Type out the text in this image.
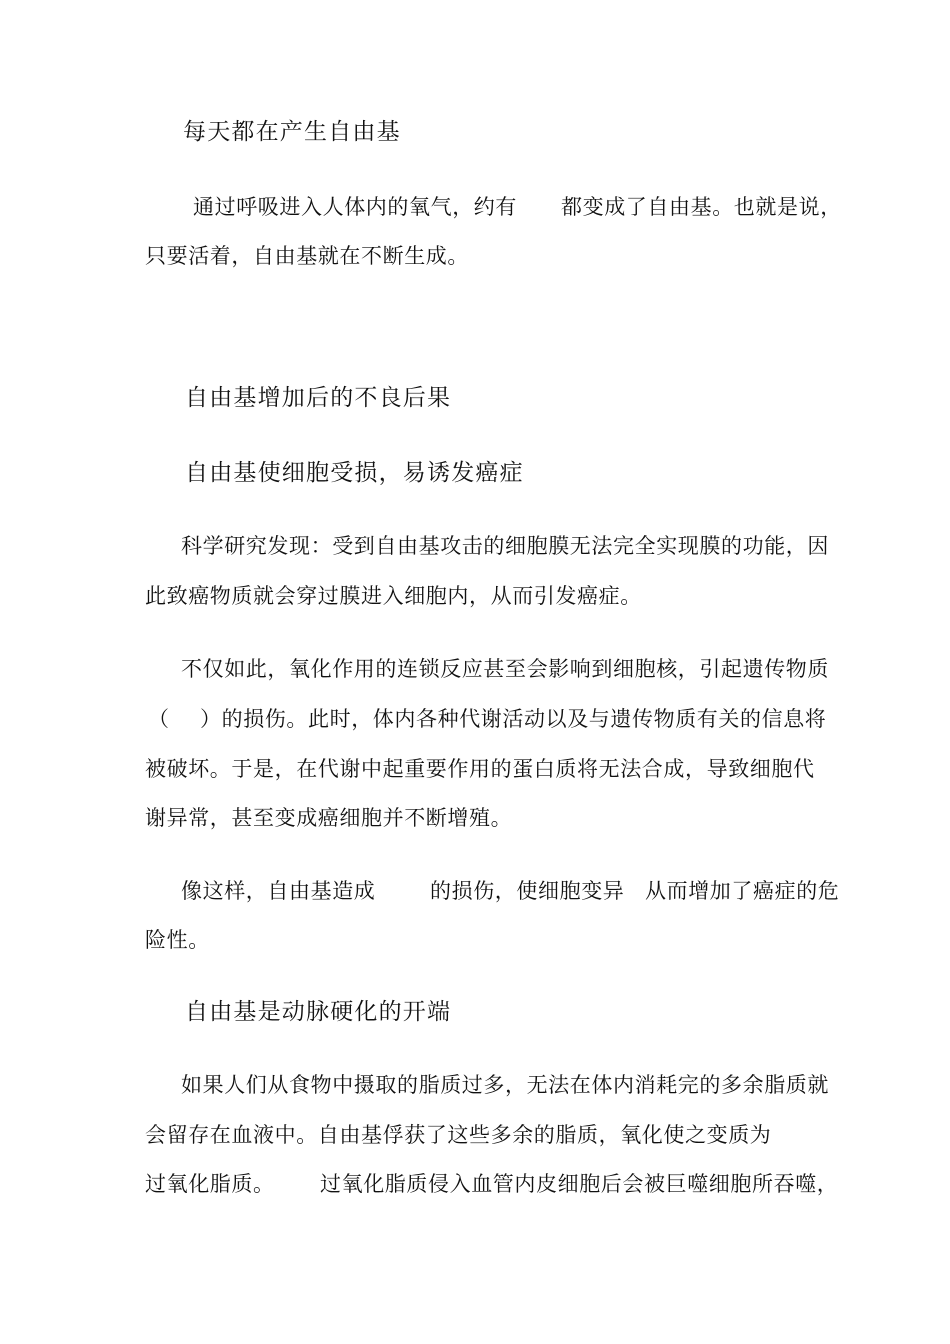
每天都在产生自由基
通过呼吸进入人体内的氧气，约有 都变成了自由基。也就是说，
只要活着，自由基就在不断生成。
自由基增加后的不良后果
自由基使细胞受损，易诱发癌症
科学研究发现：受到自由基攻击的细胞膜无法完全实现膜的功能，因
此致癌物质就会穿过膜进入细胞内，从而引发癌症。
不仅如此，氧化作用的连锁反应甚至会影响到细胞核，引起遗传物质
（ ）的损伤。此时，体内各种代谢活动以及与遗传物质有关的信息将
被破坏。于是，在代谢中起重要作用的蛋白质将无法合成，导致细胞代
谢异常，甚至变成癌细胞并不断增殖。
像这样，自由基造成	的损伤，使细胞变异 从而增加了癌症的危
险性。
自由基是动脉硬化的开端
如果人们从食物中摄取的脂质过多，无法在体内消耗完的多余脂质就
会留存在血液中。自由基俘获了这些多余的脂质，氧化使之变质为
过氧化脂质。 过氧化脂质侵入血管内皮细胞后会被巨噬细胞所吞噬，
